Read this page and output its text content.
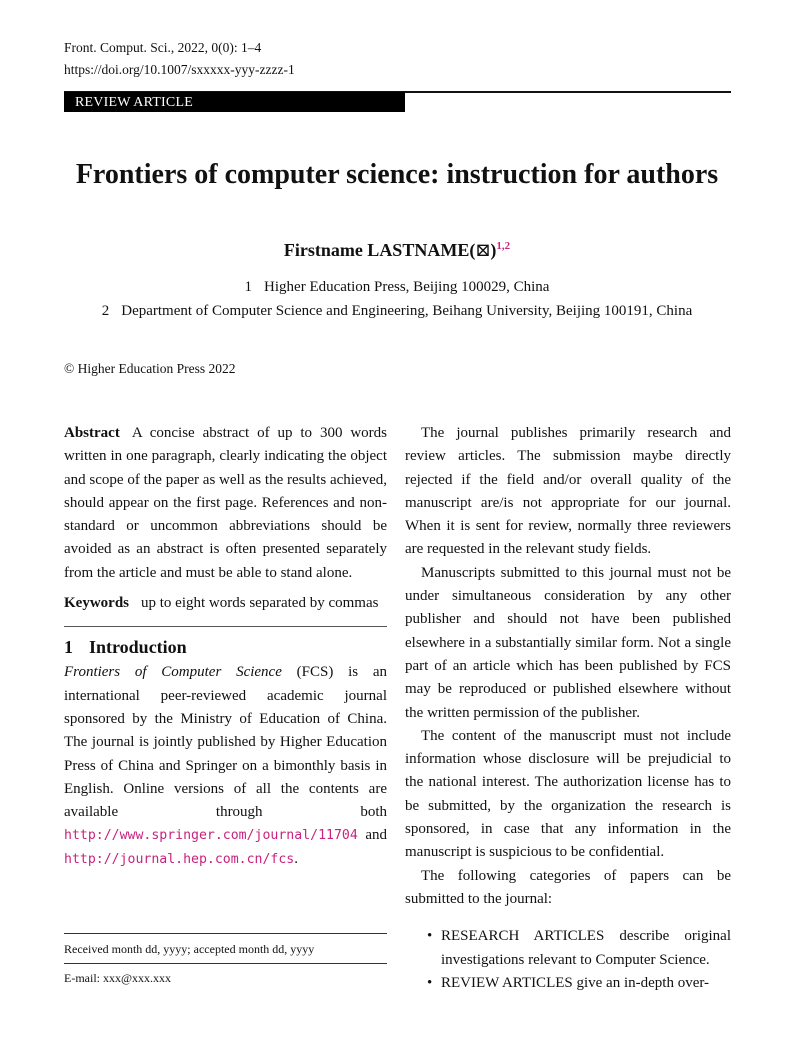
Front. Comput. Sci., 2022, 0(0): 1–4
https://doi.org/10.1007/sxxxxx-yyy-zzzz-1
REVIEW ARTICLE
Frontiers of computer science: instruction for authors
Firstname LASTNAME(⊠)$^{1,2}$
1 Higher Education Press, Beijing 100029, China
2 Department of Computer Science and Engineering, Beihang University, Beijing 100191, China
© Higher Education Press 2022

Abstract A concise abstract of up to 300 words written in one paragraph, clearly indicating the object and scope of the paper as well as the results achieved, should appear on the first page. References and non-standard or uncommon abbreviations should be avoided as an abstract is often presented separately from the article and must be able to stand alone.

Keywords up to eight words separated by commas

1 Introduction

Frontiers of Computer Science (FCS) is an international peer-reviewed academic journal sponsored by the Ministry of Education of China. The journal is jointly published by Higher Education Press of China and Springer on a bimonthly basis in English. Online versions of all the contents are available through both http://www.springer.com/journal/11704 and http://journal.hep.com.cn/fcs.

Received month dd, yyyy; accepted month dd, yyyy
E-mail: xxx@xxx.xxx

The journal publishes primarily research and review articles. The submission maybe directly rejected if the field and/or overall quality of the manuscript are/is not appropriate for our journal. When it is sent for review, normally three reviewers are requested in the relevant study fields.

Manuscripts submitted to this journal must not be under simultaneous consideration by any other publisher and should not have been published elsewhere in a substantially similar form. Not a single part of an article which has been published by FCS may be reproduced or published elsewhere without the written permission of the publisher.

The content of the manuscript must not include information whose disclosure will be prejudicial to the national interest. The authorization license has to be submitted, by the organization the research is sponsored, in case that any information in the manuscript is suspicious to be confidential.

The following categories of papers can be submitted to the journal:

• RESEARCH ARTICLES describe original investigations relevant to Computer Science.
• REVIEW ARTICLES give an in-depth over-
